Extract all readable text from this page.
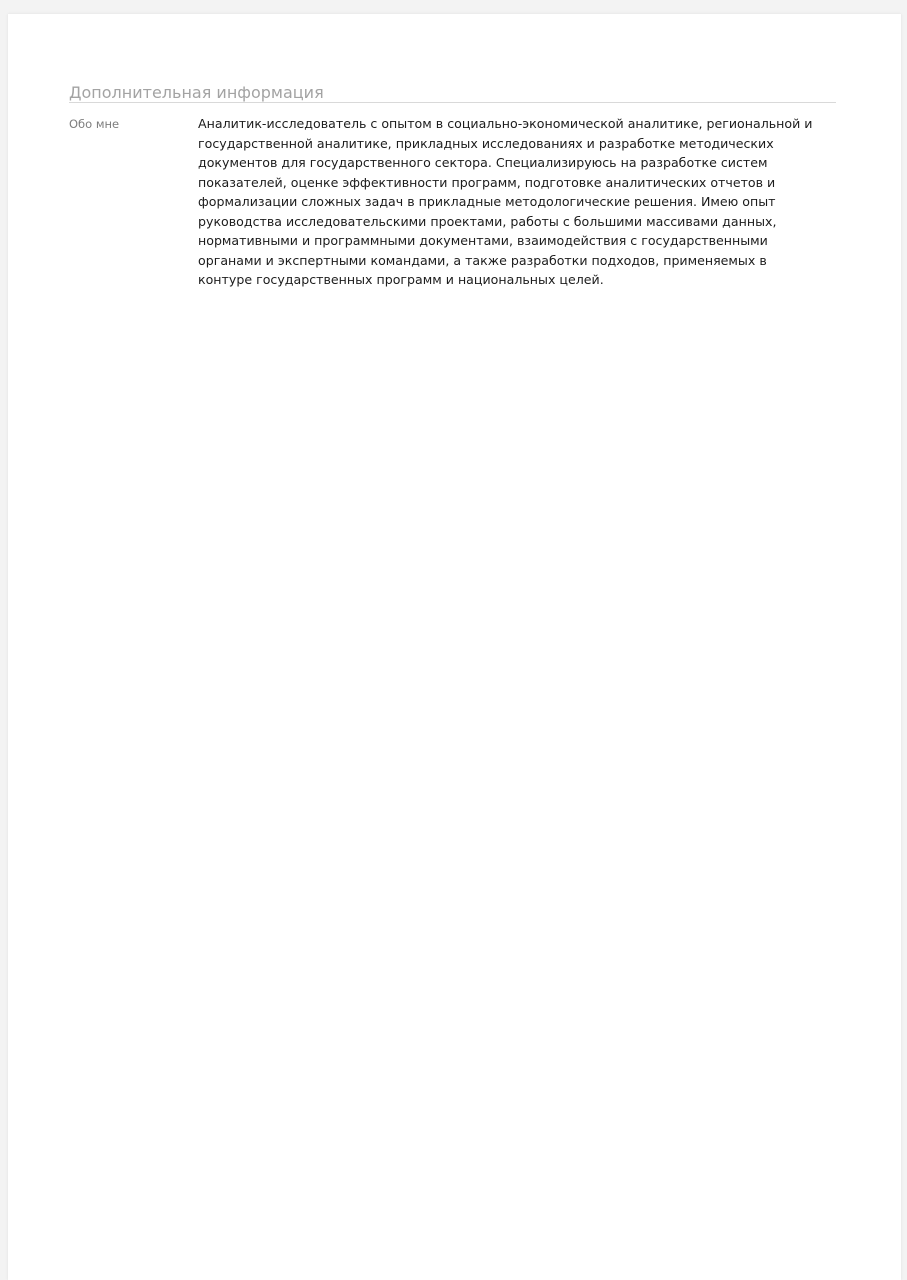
Дополнительная информация
Обо мне	Аналитик-исследователь с опытом в социально-экономической аналитике, региональной и
государственной аналитике, прикладных исследованиях и разработке методических
документов для государственного сектора. Специализируюсь на разработке систем
показателей, оценке эффективности программ, подготовке аналитических отчетов и
формализации сложных задач в прикладные методологические решения. Имею опыт
руководства исследовательскими проектами, работы с большими массивами данных,
нормативными и программными документами, взаимодействия с государственными
органами и экспертными командами, а также разработки подходов, применяемых в
контуре государственных программ и национальных целей.
